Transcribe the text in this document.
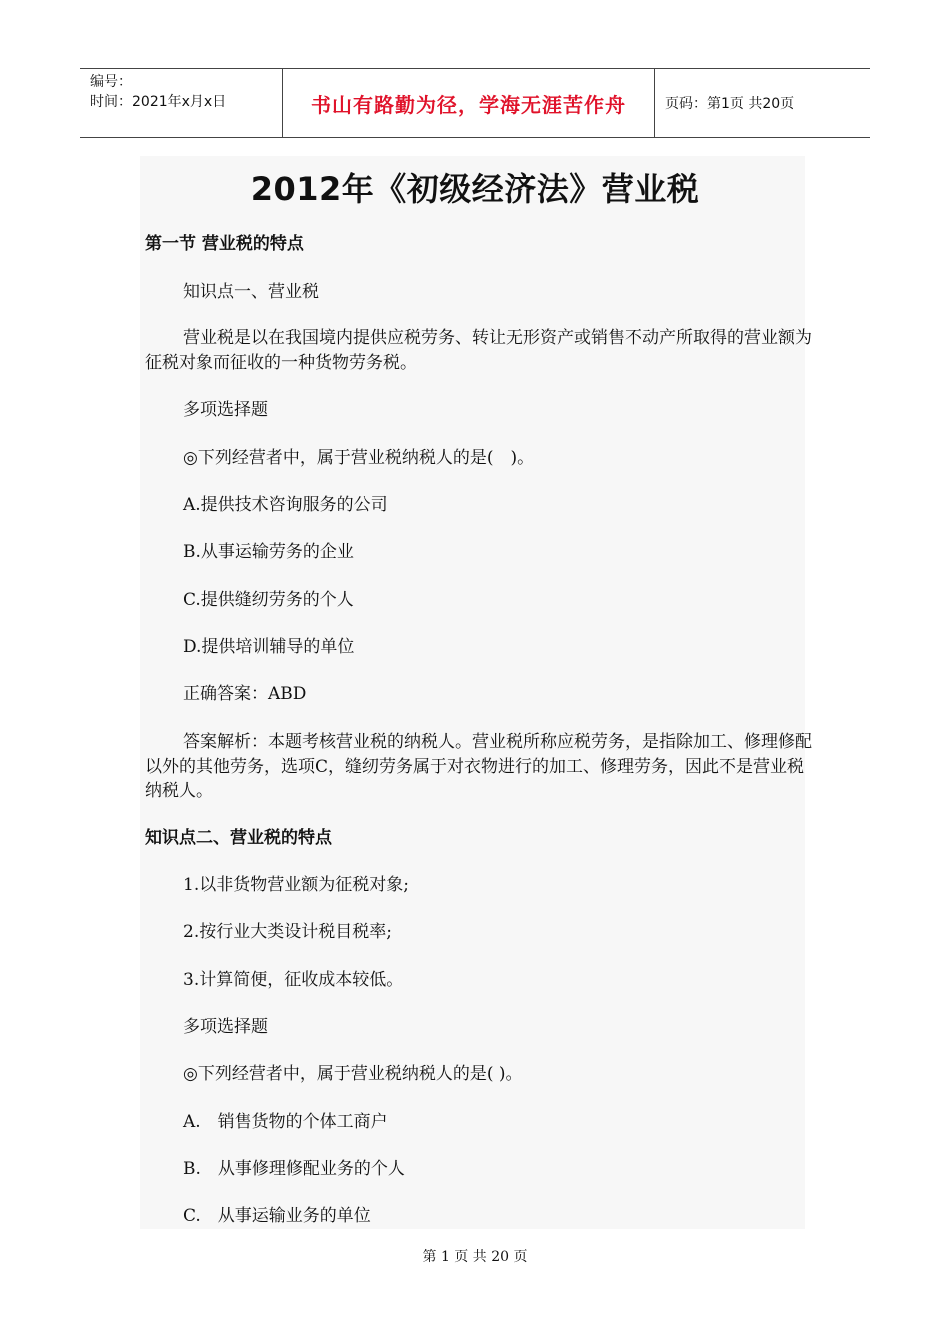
编号：
时间：2021年x月x日	书山有路勤为径，学海无涯苦作舟	页码：第1页 共20页
2012年《初级经济法》营业税
第一节 营业税的特点
知识点一、营业税
营业税是以在我国境内提供应税劳务、转让无形资产或销售不动产所取得的营业额为征税对象而征收的一种货物劳务税。
多项选择题
◎下列经营者中，属于营业税纳税人的是(　)。
A.提供技术咨询服务的公司
B.从事运输劳务的企业
C.提供缝纫劳务的个人
D.提供培训辅导的单位
正确答案：ABD
答案解析：本题考核营业税的纳税人。营业税所称应税劳务，是指除加工、修理修配以外的其他劳务，选项C，缝纫劳务属于对衣物进行的加工、修理劳务，因此不是营业税纳税人。
知识点二、营业税的特点
1.以非货物营业额为征税对象;
2.按行业大类设计税目税率;
3.计算简便，征收成本较低。
多项选择题
◎下列经营者中，属于营业税纳税人的是( )。
A.　销售货物的个体工商户
B.　从事修理修配业务的个人
C.　从事运输业务的单位
第 1 页 共 20 页
